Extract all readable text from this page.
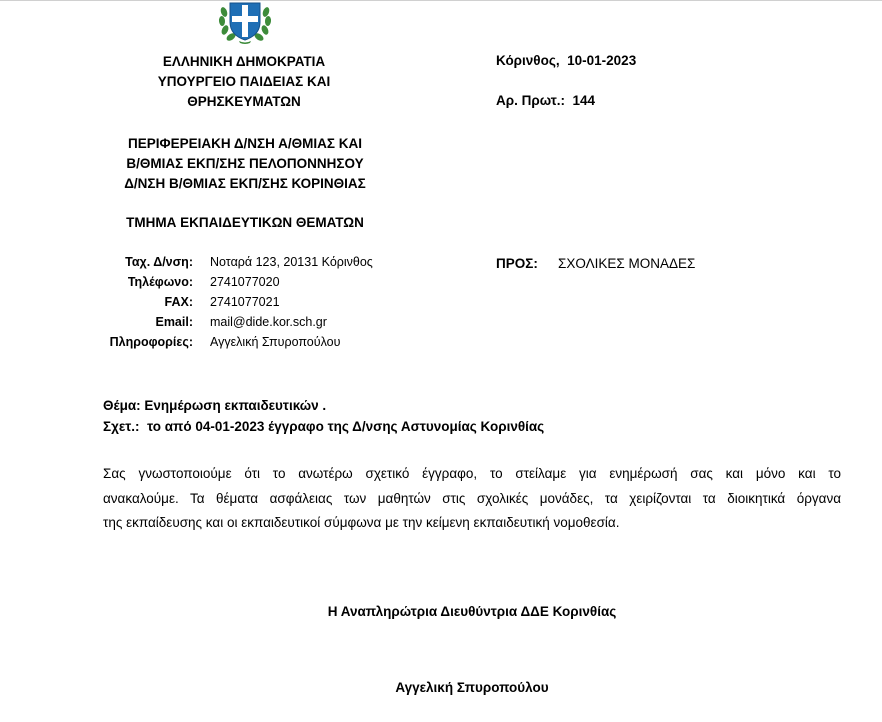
ΕΛΛΗΝΙΚΗ ΔΗΜΟΚΡΑΤΙΑ
ΥΠΟΥΡΓΕΙΟ ΠΑΙΔΕΙΑΣ ΚΑΙ
ΘΡΗΣΚΕΥΜΑΤΩΝ
ΠΕΡΙΦΕΡΕΙΑΚΗ Δ/ΝΣΗ Α/ΘΜΙΑΣ ΚΑΙ
Β/ΘΜΙΑΣ ΕΚΠ/ΣΗΣ ΠΕΛΟΠΟΝΝΗΣΟΥ
Δ/ΝΣΗ Β/ΘΜΙΑΣ ΕΚΠ/ΣΗΣ ΚΟΡΙΝΘΙΑΣ
ΤΜΗΜΑ ΕΚΠΑΙΔΕΥΤΙΚΩΝ ΘΕΜΑΤΩΝ
Κόρινθος, 10-01-2023
Αρ. Πρωτ.: 144
Ταχ. Δ/νση: Νοταρά 123, 20131 Κόρινθος
Τηλέφωνο: 2741077020
FAX: 2741077021
Email: mail@dide.kor.sch.gr
Πληροφορίες: Αγγελική Σπυροπούλου
ΠΡΟΣ: ΣΧΟΛΙΚΕΣ ΜΟΝΑΔΕΣ
Θέμα: Ενημέρωση εκπαιδευτικών .
Σχετ.: το από 04-01-2023 έγγραφο της Δ/νσης Αστυνομίας Κορινθίας
Σας γνωστοποιούμε ότι το ανωτέρω σχετικό έγγραφο, το στείλαμε για ενημέρωσή σας και μόνο και το
ανακαλούμε. Τα θέματα ασφάλειας των μαθητών στις σχολικές μονάδες, τα χειρίζονται τα διοικητικά όργανα
της εκπαίδευσης και οι εκπαιδευτικοί σύμφωνα με την κείμενη εκπαιδευτική νομοθεσία.
Η Αναπληρώτρια Διευθύντρια ΔΔΕ Κορινθίας
Αγγελική Σπυροπούλου
